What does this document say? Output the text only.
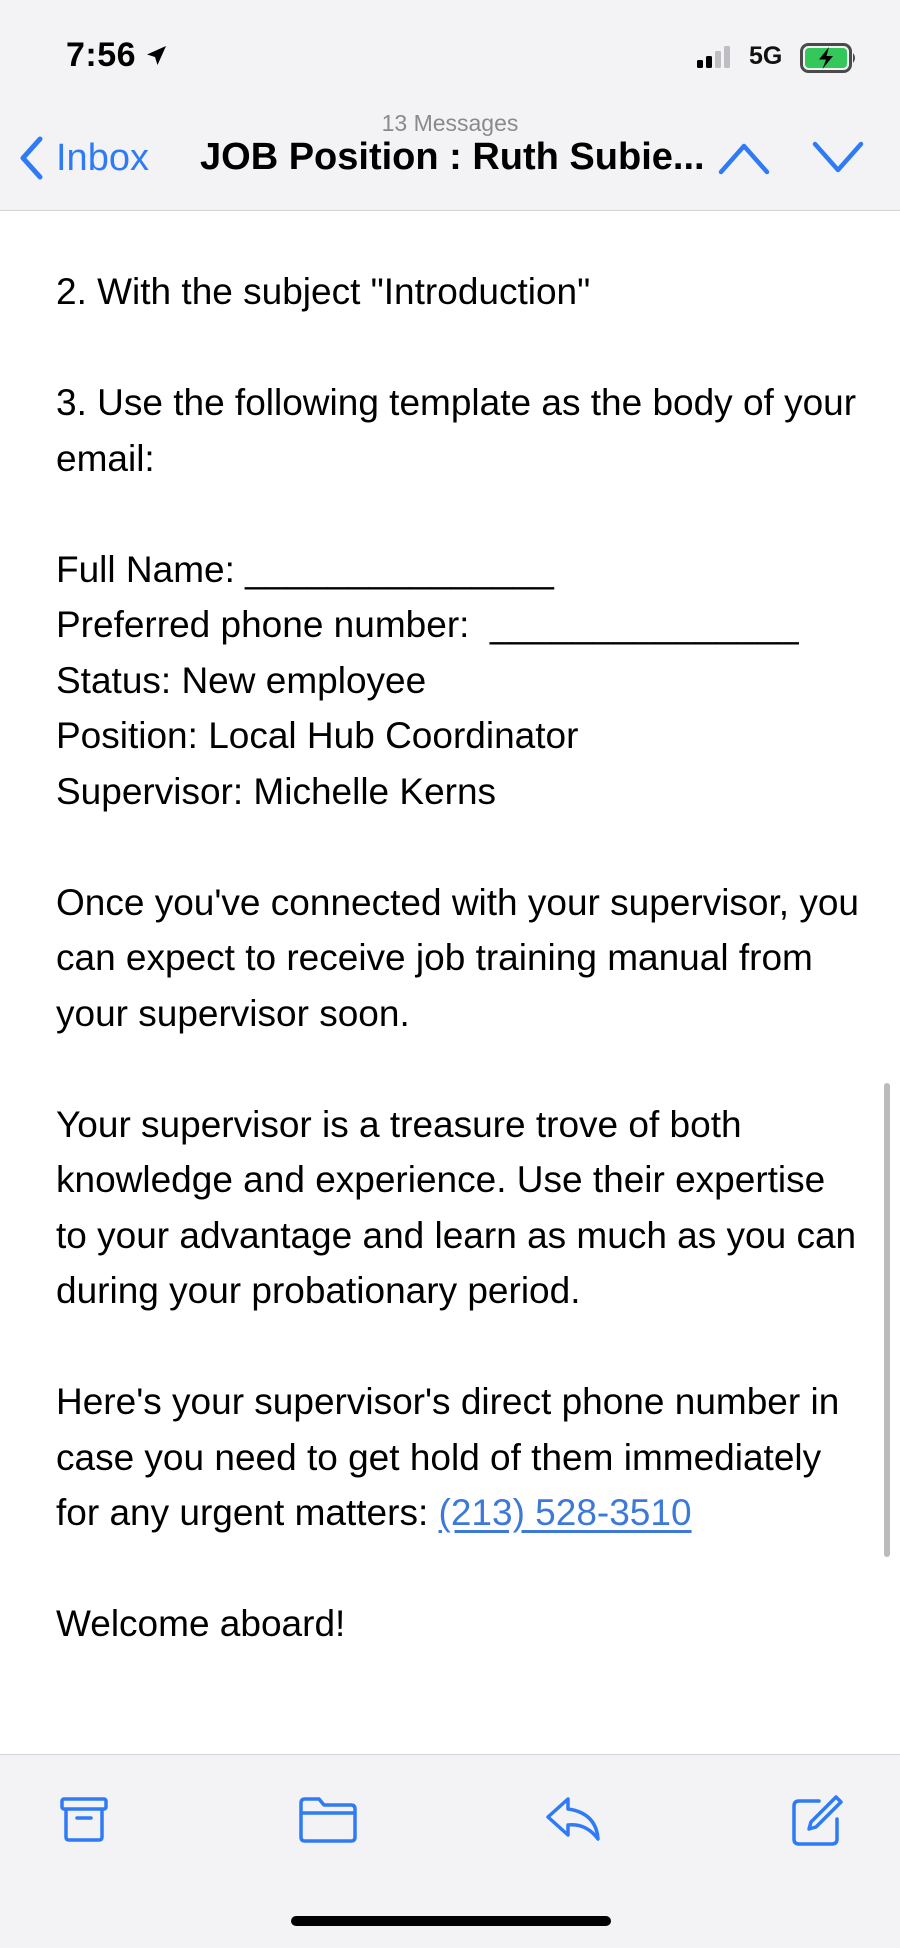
7:56	5G
13 Messages
Inbox JOB Position : Ruth Subie...

2. With the subject "Introduction"

3. Use the following template as the body of your email:

Full Name: _______________

Preferred phone number:  _______________

Status: New employee

Position: Local Hub Coordinator

Supervisor: Michelle Kerns

Once you've connected with your supervisor, you can expect to receive job training manual from your supervisor soon.

Your supervisor is a treasure trove of both knowledge and experience. Use their expertise to your advantage and learn as much as you can during your probationary period.

Here's your supervisor's direct phone number in case you need to get hold of them immediately for any urgent matters: (213) 528-3510

Welcome aboard!
